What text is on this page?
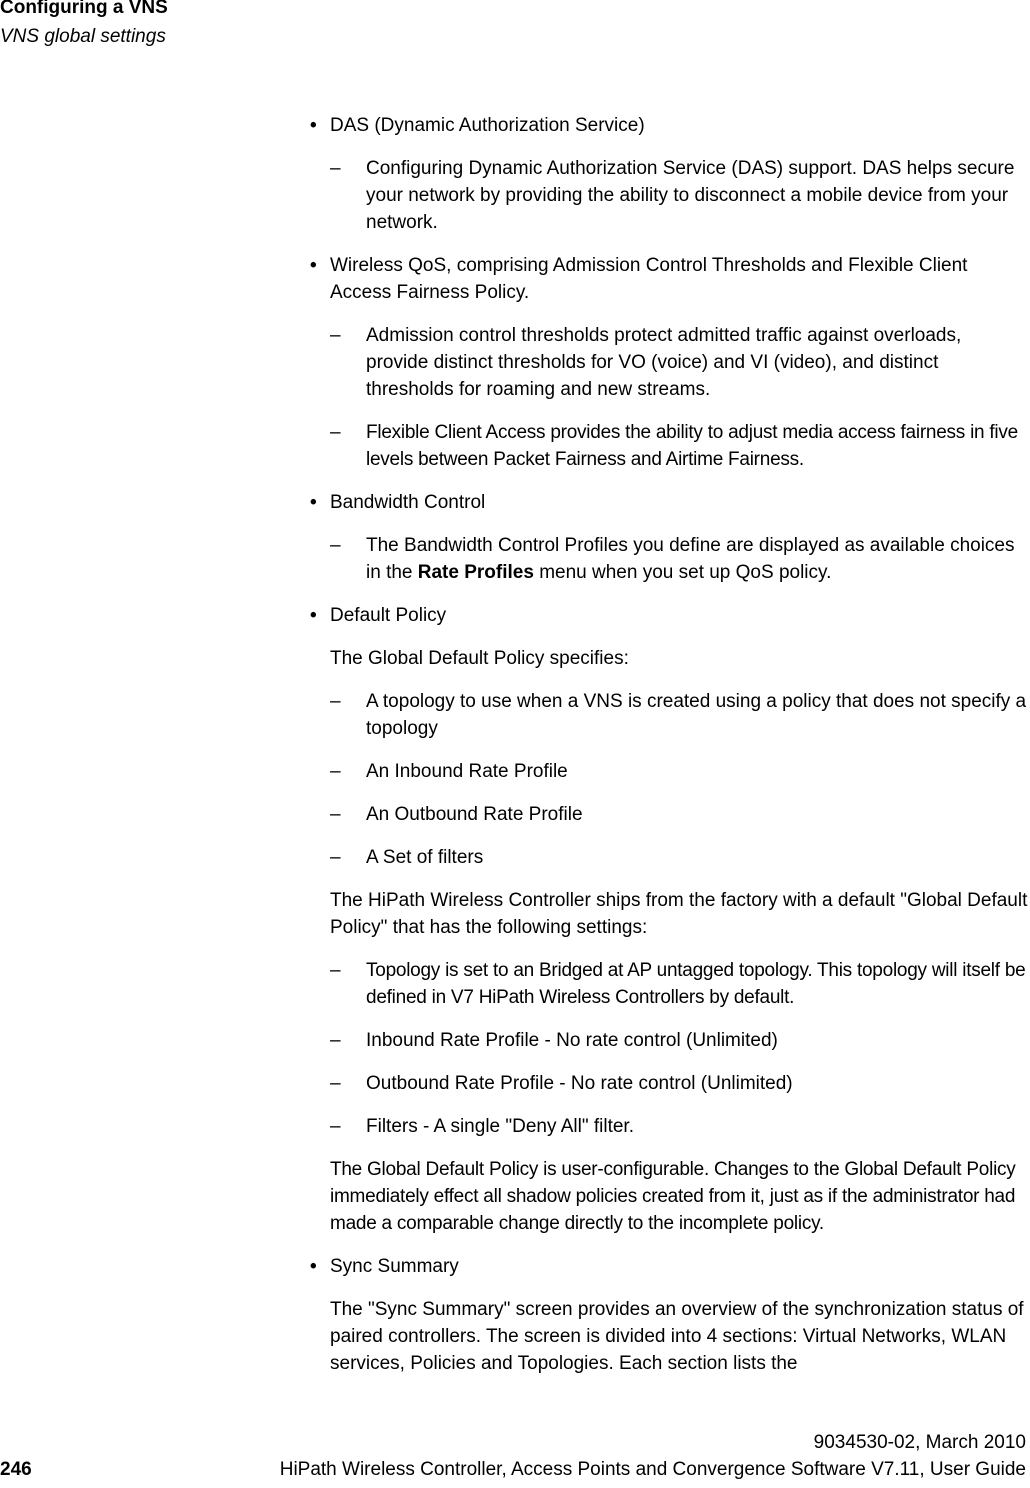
Configuring a VNS
VNS global settings
• DAS (Dynamic Authorization Service)
– Configuring Dynamic Authorization Service (DAS) support. DAS helps secure your network by providing the ability to disconnect a mobile device from your network.
• Wireless QoS, comprising Admission Control Thresholds and Flexible Client Access Fairness Policy.
– Admission control thresholds protect admitted traffic against overloads, provide distinct thresholds for VO (voice) and VI (video), and distinct thresholds for roaming and new streams.
– Flexible Client Access provides the ability to adjust media access fairness in five levels between Packet Fairness and Airtime Fairness.
• Bandwidth Control
– The Bandwidth Control Profiles you define are displayed as available choices in the Rate Profiles menu when you set up QoS policy.
• Default Policy
The Global Default Policy specifies:
– A topology to use when a VNS is created using a policy that does not specify a topology
– An Inbound Rate Profile
– An Outbound Rate Profile
– A Set of filters
The HiPath Wireless Controller ships from the factory with a default "Global Default Policy" that has the following settings:
– Topology is set to an Bridged at AP untagged topology. This topology will itself be defined in V7 HiPath Wireless Controllers by default.
– Inbound Rate Profile - No rate control (Unlimited)
– Outbound Rate Profile - No rate control (Unlimited)
– Filters - A single "Deny All" filter.
The Global Default Policy is user-configurable. Changes to the Global Default Policy immediately effect all shadow policies created from it, just as if the administrator had made a comparable change directly to the incomplete policy.
• Sync Summary
The "Sync Summary" screen provides an overview of the synchronization status of paired controllers. The screen is divided into 4 sections: Virtual Networks, WLAN services, Policies and Topologies. Each section lists the
9034530-02, March 2010
246	HiPath Wireless Controller, Access Points and Convergence Software V7.11, User Guide
